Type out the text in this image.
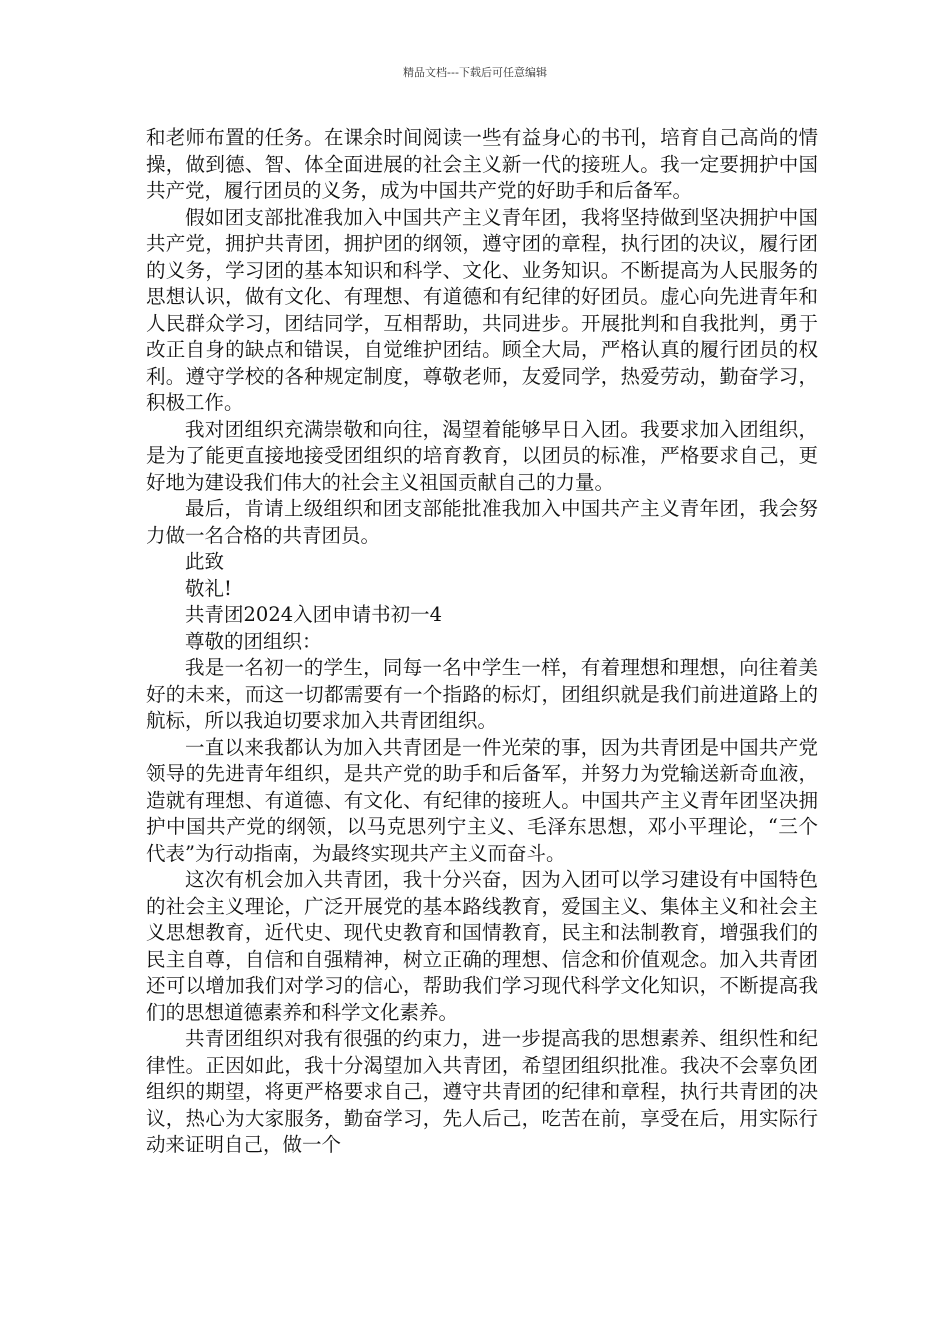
精品文档---下载后可任意编辑

和老师布置的任务。在课余时间阅读一些有益身心的书刊，培育自己高尚的情操，做到德、智、体全面进展的社会主义新一代的接班人。我一定要拥护中国共产党，履行团员的义务，成为中国共产党的好助手和后备军。

假如团支部批准我加入中国共产主义青年团，我将坚持做到坚决拥护中国共产党，拥护共青团，拥护团的纲领，遵守团的章程，执行团的决议，履行团的义务，学习团的基本知识和科学、文化、业务知识。不断提高为人民服务的思想认识，做有文化、有理想、有道德和有纪律的好团员。虚心向先进青年和人民群众学习，团结同学，互相帮助，共同进步。开展批判和自我批判，勇于改正自身的缺点和错误，自觉维护团结。顾全大局，严格认真的履行团员的权利。遵守学校的各种规定制度，尊敬老师，友爱同学，热爱劳动，勤奋学习，积极工作。

我对团组织充满崇敬和向往，渴望着能够早日入团。我要求加入团组织，是为了能更直接地接受团组织的培育教育，以团员的标准，严格要求自己，更好地为建设我们伟大的社会主义祖国贡献自己的力量。

最后，肯请上级组织和团支部能批准我加入中国共产主义青年团，我会努力做一名合格的共青团员。

此致

敬礼!

共青团2024入团申请书初一4

尊敬的团组织：

我是一名初一的学生，同每一名中学生一样，有着理想和理想，向往着美好的未来，而这一切都需要有一个指路的标灯，团组织就是我们前进道路上的航标，所以我迫切要求加入共青团组织。

一直以来我都认为加入共青团是一件光荣的事，因为共青团是中国共产党领导的先进青年组织，是共产党的助手和后备军，并努力为党输送新奇血液，造就有理想、有道德、有文化、有纪律的接班人。中国共产主义青年团坚决拥护中国共产党的纲领，以马克思列宁主义、毛泽东思想，邓小平理论，“三个代表”为行动指南，为最终实现共产主义而奋斗。

这次有机会加入共青团，我十分兴奋，因为入团可以学习建设有中国特色的社会主义理论，广泛开展党的基本路线教育，爱国主义、集体主义和社会主义思想教育，近代史、现代史教育和国情教育，民主和法制教育，增强我们的民主自尊，自信和自强精神，树立正确的理想、信念和价值观念。加入共青团还可以增加我们对学习的信心，帮助我们学习现代科学文化知识，不断提高我们的思想道德素养和科学文化素养。

共青团组织对我有很强的约束力，进一步提高我的思想素养、组织性和纪律性。正因如此，我十分渴望加入共青团，希望团组织批准。我决不会辜负团组织的期望，将更严格要求自己，遵守共青团的纪律和章程，执行共青团的决议，热心为大家服务，勤奋学习，先人后己，吃苦在前，享受在后，用实际行动来证明自己，做一个
